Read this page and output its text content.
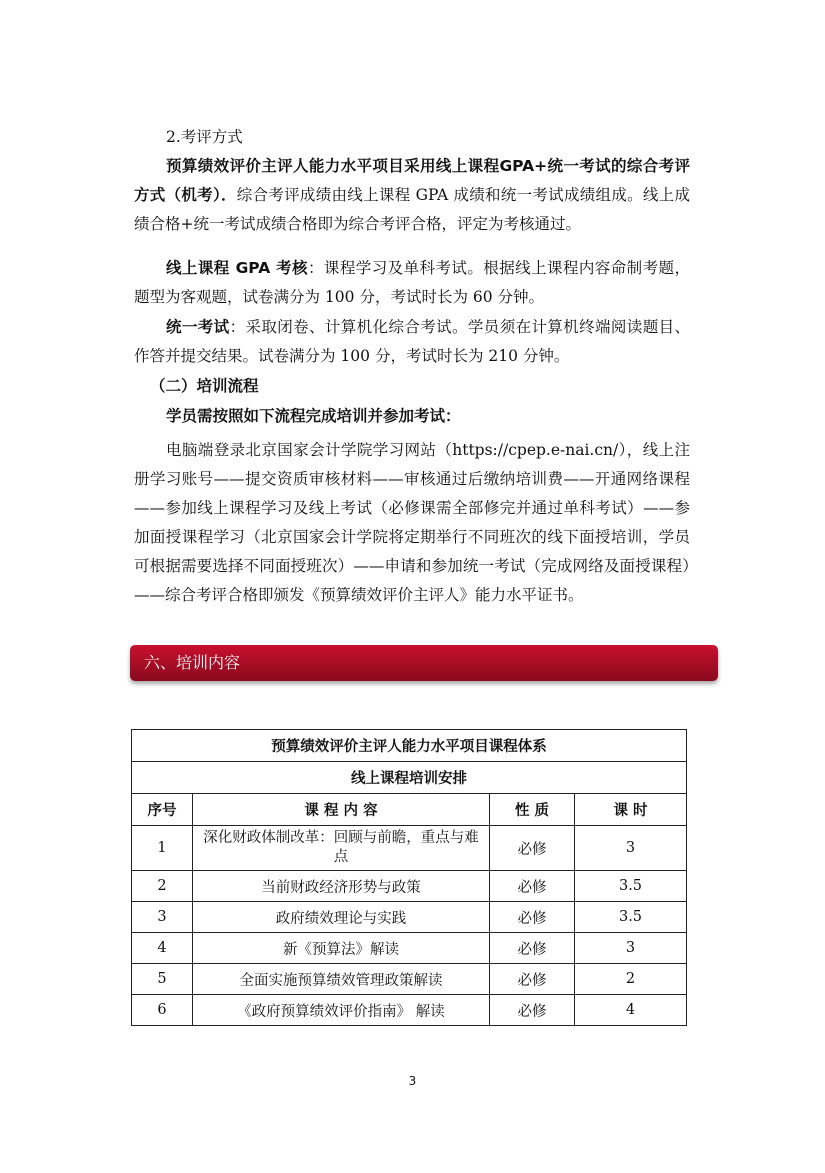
2.考评方式

预算绩效评价主评人能力水平项目采用线上课程GPA+统一考试的综合考评方式（机考）．综合考评成绩由线上课程 GPA 成绩和统一考试成绩组成。线上成绩合格+统一考试成绩合格即为综合考评合格，评定为考核通过。

线上课程 GPA 考核：课程学习及单科考试。根据线上课程内容命制考题，题型为客观题，试卷满分为 100 分，考试时长为 60 分钟。

统一考试：采取闭卷、计算机化综合考试。学员须在计算机终端阅读题目、作答并提交结果。试卷满分为 100 分，考试时长为 210 分钟。

（二）培训流程

学员需按照如下流程完成培训并参加考试：

电脑端登录北京国家会计学院学习网站（https://cpep.e-nai.cn/），线上注册学习账号——提交资质审核材料——审核通过后缴纳培训费——开通网络课程——参加线上课程学习及线上考试（必修课需全部修完并通过单科考试）——参加面授课程学习（北京国家会计学院将定期举行不同班次的线下面授培训，学员可根据需要选择不同面授班次）——申请和参加统一考试（完成网络及面授课程）——综合考评合格即颁发《预算绩效评价主评人》能力水平证书。

六、培训内容
预算绩效评价主评人能力水平项目课程体系			
线上课程培训安排			
序号	课 程 内 容	性 质	课 时
1	深化财政体制改革：回顾与前瞻，重点与难点	必修	3
2	当前财政经济形势与政策	必修	3.5
3	政府绩效理论与实践	必修	3.5
4	新《预算法》解读	必修	3
5	全面实施预算绩效管理政策解读	必修	2
6	《政府预算绩效评价指南》 解读	必修	4
3
